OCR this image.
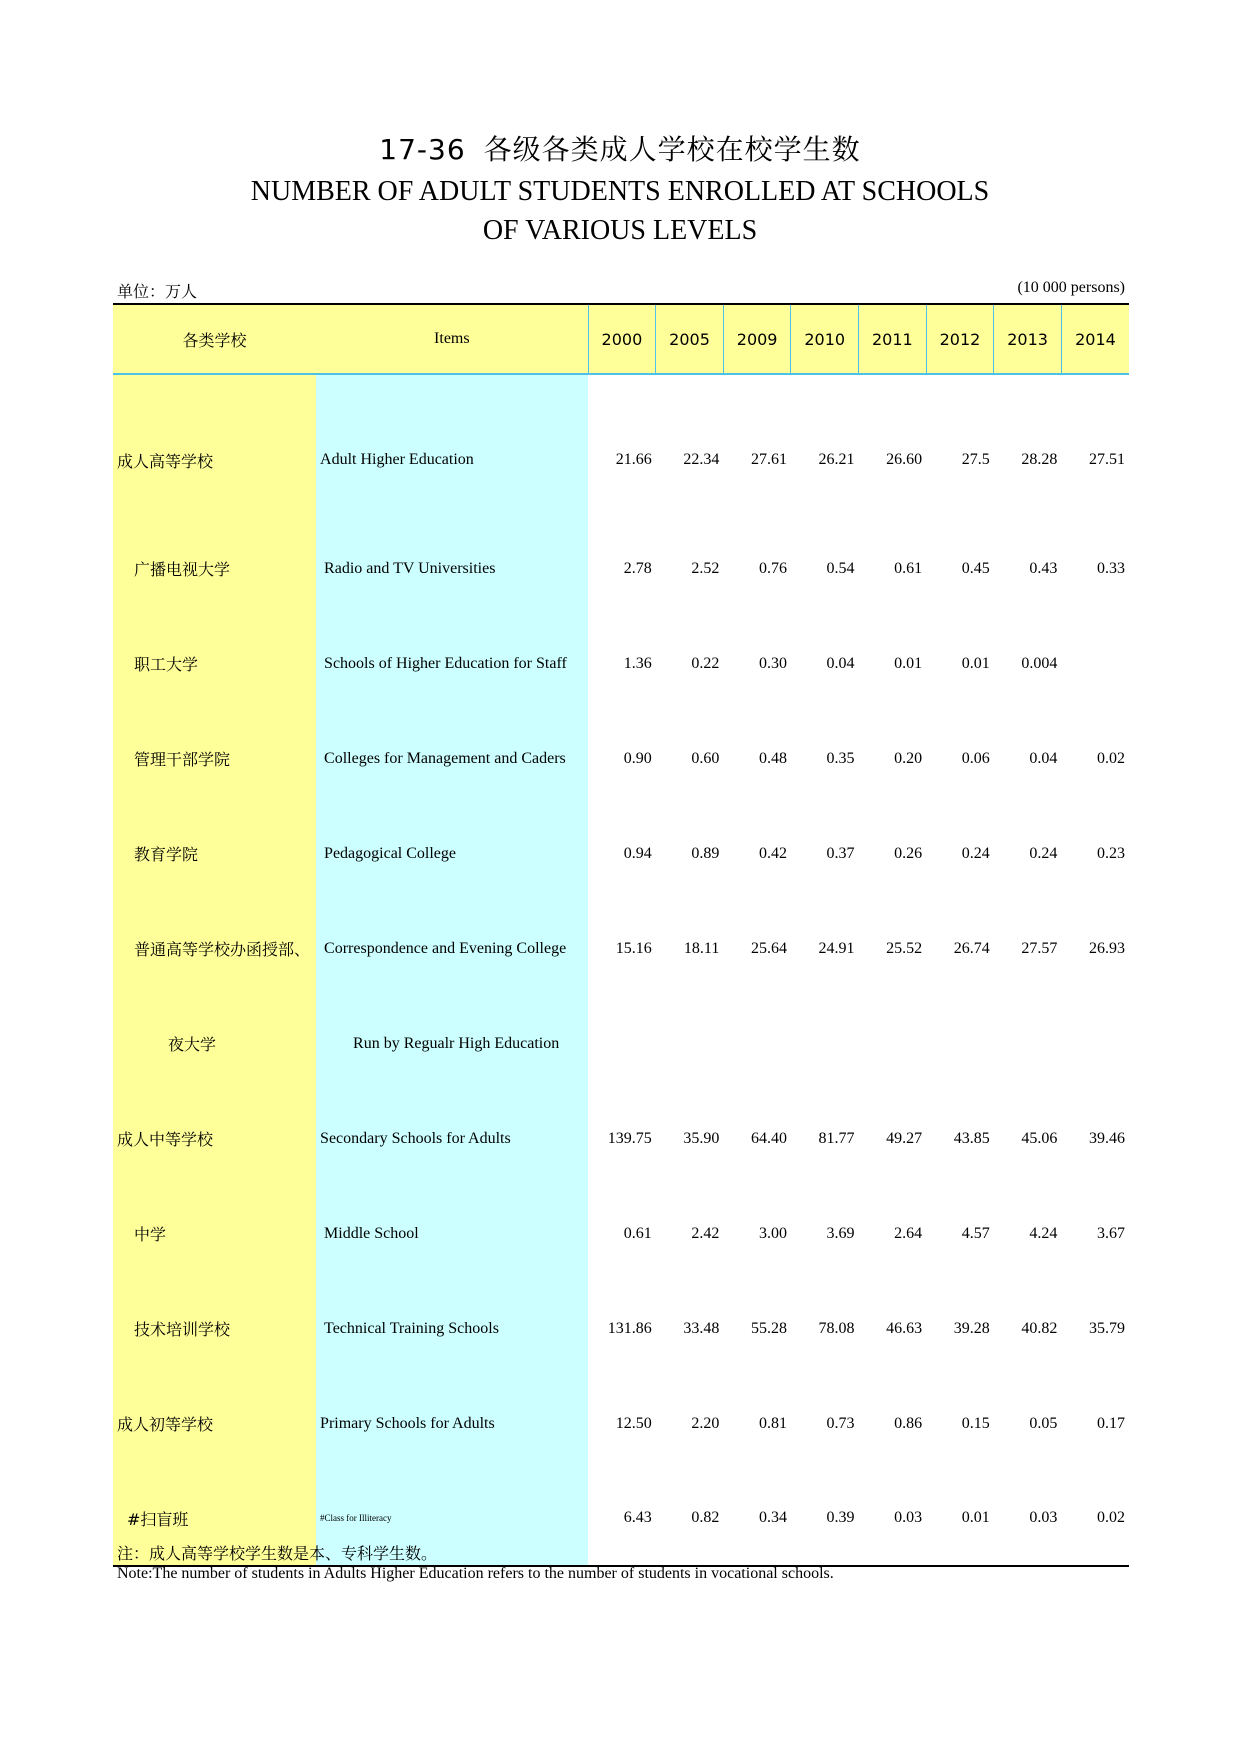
17-36 各级各类成人学校在校学生数
NUMBER OF ADULT STUDENTS ENROLLED AT SCHOOLS
OF VARIOUS LEVELS
单位：万人	(10 000 persons)
各类学校	Items	2000	2005	2009	2010	2011	2012	2013	2014
成人高等学校	Adult Higher Education	21.66	22.34	27.61	26.21	26.60	27.5	28.28	27.51
广播电视大学	Radio and TV Universities	2.78	2.52	0.76	0.54	0.61	0.45	0.43	0.33
职工大学	Schools of Higher Education for Staff	1.36	0.22	0.30	0.04	0.01	0.01	0.004	
管理干部学院	Colleges for Management and Caders	0.90	0.60	0.48	0.35	0.20	0.06	0.04	0.02
教育学院	Pedagogical College	0.94	0.89	0.42	0.37	0.26	0.24	0.24	0.23
普通高等学校办函授部、	Correspondence and Evening College	15.16	18.11	25.64	24.91	25.52	26.74	27.57	26.93
夜大学	Run by Regualr High Education								
成人中等学校	Secondary Schools for Adults	139.75	35.90	64.40	81.77	49.27	43.85	45.06	39.46
中学	Middle School	0.61	2.42	3.00	3.69	2.64	4.57	4.24	3.67
技术培训学校	Technical Training Schools	131.86	33.48	55.28	78.08	46.63	39.28	40.82	35.79
成人初等学校	Primary Schools for Adults	12.50	2.20	0.81	0.73	0.86	0.15	0.05	0.17
#扫盲班	#Class for Illiteracy	6.43	0.82	0.34	0.39	0.03	0.01	0.03	0.02
注：成人高等学校学生数是本、专科学生数。
Note:The number of students in Adults Higher Education refers to the number of students in vocational schools.
